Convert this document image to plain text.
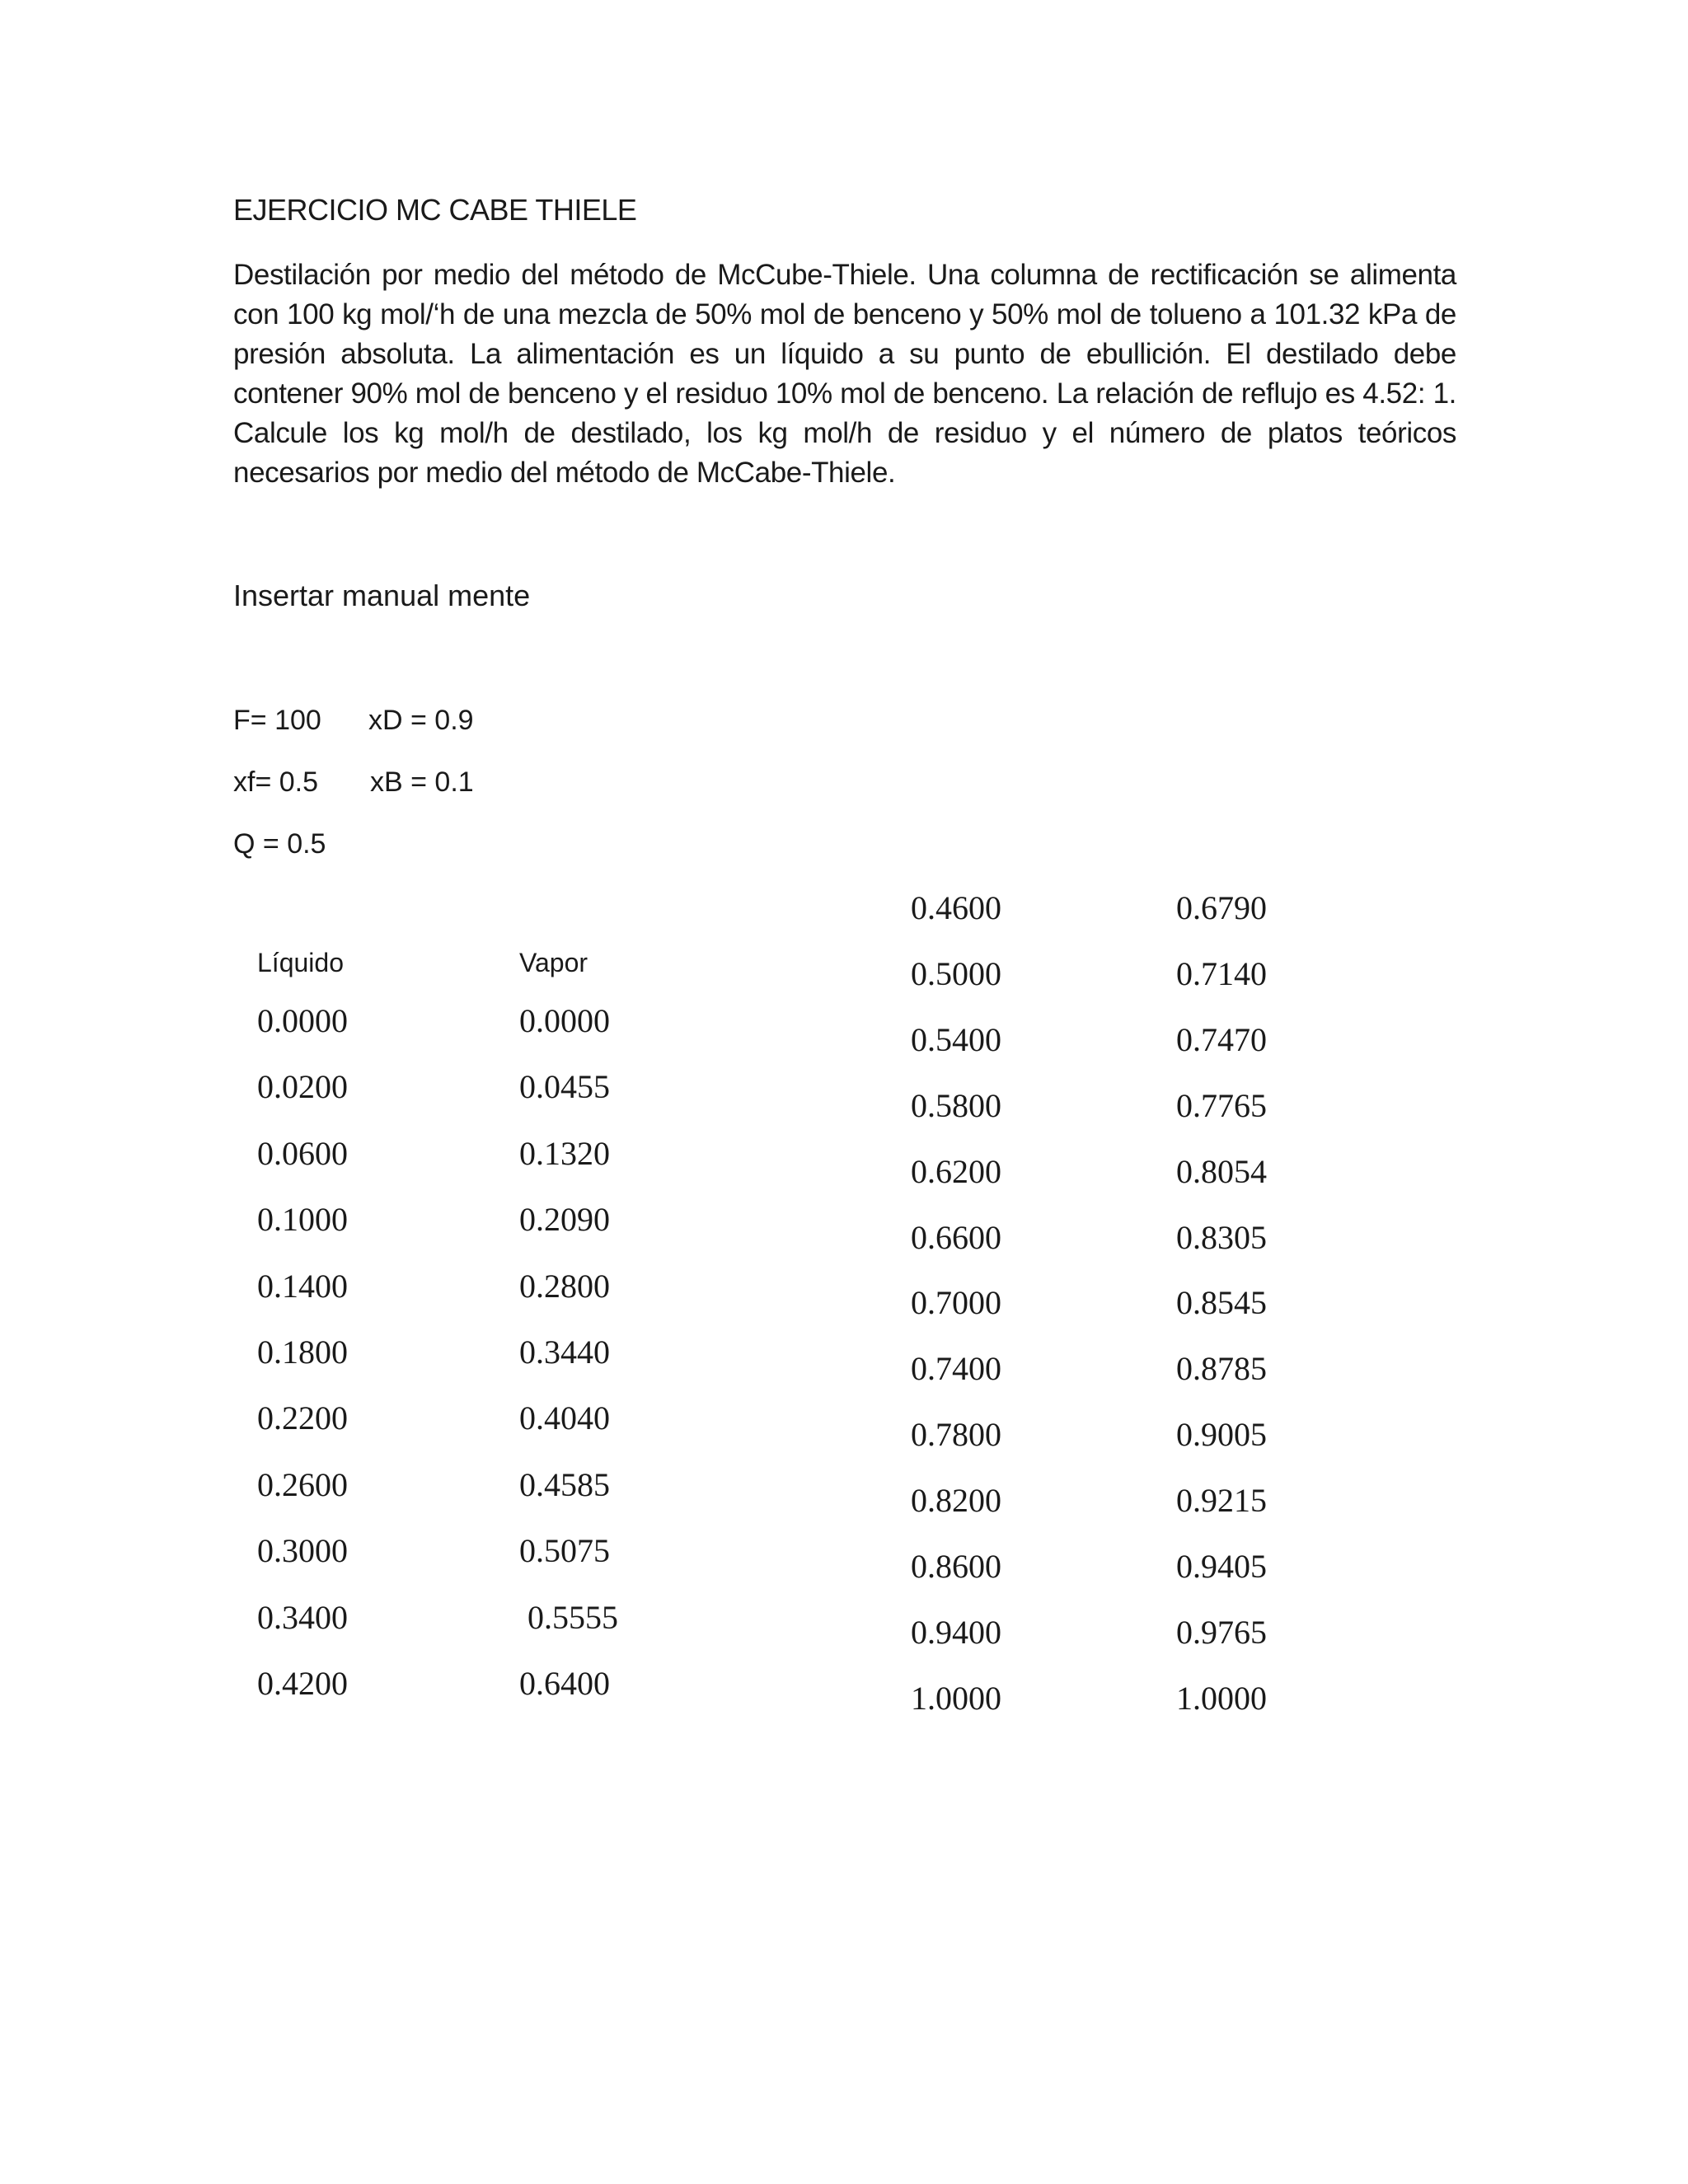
EJERCICIO MC CABE THIELE

Destilación por medio del método de McCube-Thiele. Una columna de rectificación se alimenta con 100 kg mol/‘h de una mezcla de 50% mol de benceno y 50% mol de tolueno a 101.32 kPa de presión absoluta. La alimentación es un líquido a su punto de ebullición. El destilado debe contener 90% mol de benceno y el residuo 10% mol de benceno. La relación de reflujo es 4.52: 1. Calcule los kg mol/h de destilado, los kg mol/h de residuo y el número de platos teóricos necesarios por medio del método de McCabe-Thiele.

Insertar manual mente
F= 100 xD = 0.9
xf= 0.5 xB = 0.1
Q = 0.5
Líquido	Vapor
0.0000	0.0000
0.0200	0.0455
0.0600	0.1320
0.1000	0.2090
0.1400	0.2800
0.1800	0.3440
0.2200	0.4040
0.2600	0.4585
0.3000	0.5075
0.3400	0.5555
0.4200	0.6400
0.4600	0.6790
0.5000	0.7140
0.5400	0.7470
0.5800	0.7765
0.6200	0.8054
0.6600	0.8305
0.7000	0.8545
0.7400	0.8785
0.7800	0.9005
0.8200	0.9215
0.8600	0.9405
0.9400	0.9765
1.0000	1.0000
